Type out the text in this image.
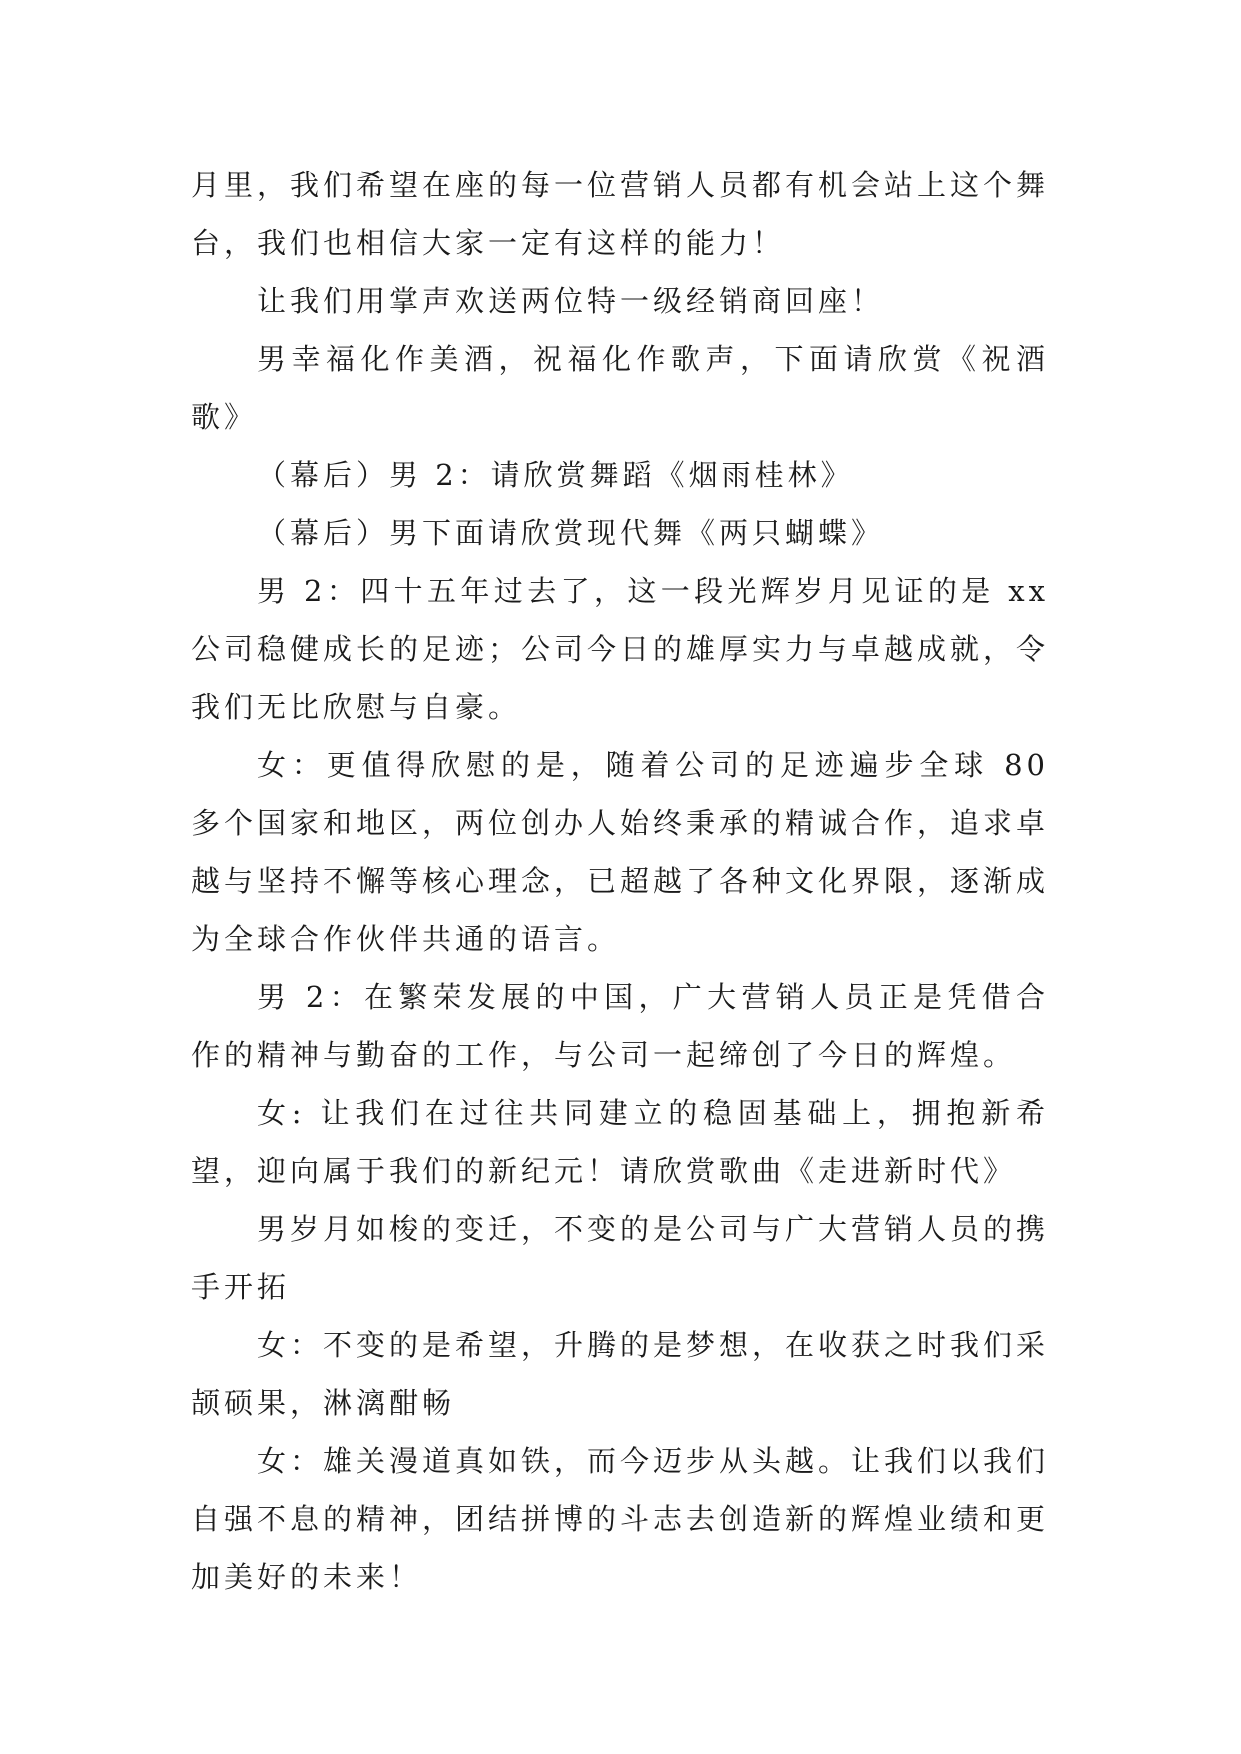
月里，我们希望在座的每一位营销人员都有机会站上这个舞台，我们也相信大家一定有这样的能力！

让我们用掌声欢送两位特一级经销商回座！

男幸福化作美酒，祝福化作歌声，下面请欣赏《祝酒歌》

（幕后）男 2：请欣赏舞蹈《烟雨桂林》

（幕后）男下面请欣赏现代舞《两只蝴蝶》

男 2：四十五年过去了，这一段光辉岁月见证的是 xx 公司稳健成长的足迹；公司今日的雄厚实力与卓越成就，令我们无比欣慰与自豪。

女：更值得欣慰的是，随着公司的足迹遍步全球 80 多个国家和地区，两位创办人始终秉承的精诚合作，追求卓越与坚持不懈等核心理念，已超越了各种文化界限，逐渐成为全球合作伙伴共通的语言。

男 2：在繁荣发展的中国，广大营销人员正是凭借合作的精神与勤奋的工作，与公司一起缔创了今日的辉煌。

女: 让我们在过往共同建立的稳固基础上，拥抱新希望，迎向属于我们的新纪元！请欣赏歌曲《走进新时代》

男岁月如梭的变迁，不变的是公司与广大营销人员的携手开拓

女：不变的是希望，升腾的是梦想，在收获之时我们采颉硕果，淋漓酣畅

女：雄关漫道真如铁，而今迈步从头越。让我们以我们自强不息的精神，团结拼博的斗志去创造新的辉煌业绩和更加美好的未来！
